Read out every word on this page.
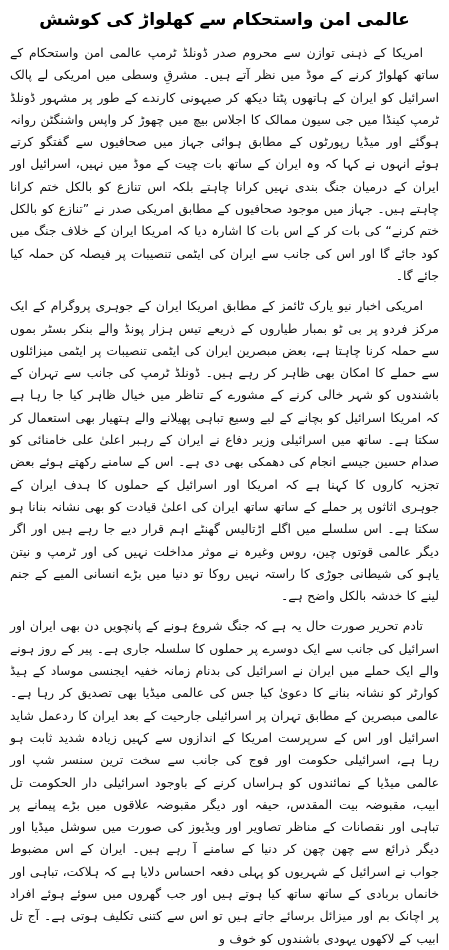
عالمی امن واستحکام سے کھلواڑ کی کوشش

امریکا کے ذہنی توازن سے محروم صدر ڈونلڈ ٹرمپ عالمی امن واستحکام کے ساتھ کھلواڑ کرنے کے موڈ میں نظر آتے ہیں۔ مشرقِ وسطی میں امریکی لے پالک اسرائیل کو ایران کے ہاتھوں پٹتا دیکھ کر صیہونی کارندے کے طور پر مشہور ڈونلڈ ٹرمپ کینڈا میں جی سیون ممالک کا اجلاس بیچ میں چھوڑ کر واپس واشنگٹن روانہ ہوگئے اور میڈیا رپورٹوں کے مطابق ہوائی جہاز میں صحافیوں سے گفتگو کرتے ہوئے انہوں نے کہا کہ وہ ایران کے ساتھ بات چیت کے موڈ میں نہیں، اسرائیل اور ایران کے درمیان جنگ بندی نہیں کرانا چاہتے بلکہ اس تنازع کو بالکل ختم کرانا چاہتے ہیں۔ جہاز میں موجود صحافیوں کے مطابق امریکی صدر نے ”تنازع کو بالکل ختم کرنے“ کی بات کر کے اس بات کا اشارہ دیا کہ امریکا ایران کے خلاف جنگ میں کود جائے گا اور اس کی جانب سے ایران کی ایٹمی تنصیبات پر فیصلہ کن حملہ کیا جائے گا۔

امریکی اخبار نیو یارک ٹائمز کے مطابق امریکا ایران کے جوہری پروگرام کے ایک مرکز فردو پر بی ٹو بمبار طیاروں کے ذریعے تیس ہزار پونڈ والے بنکر بسٹر بموں سے حملہ کرنا چاہتا ہے، بعض مبصرین ایران کی ایٹمی تنصیبات پر ایٹمی میزائلوں سے حملے کا امکان بھی ظاہر کر رہے ہیں۔ ڈونلڈ ٹرمپ کی جانب سے تہران کے باشندوں کو شہر خالی کرنے کے مشورے کے تناظر میں خیال ظاہر کیا جا رہا ہے کہ امریکا اسرائیل کو بچانے کے لیے وسیع تباہی پھیلانے والے ہتھیار بھی استعمال کر سکتا ہے۔ ساتھ میں اسرائیلی وزیر دفاع نے ایران کے رہبر اعلیٰ علی خامنائی کو صدام حسین جیسے انجام کی دھمکی بھی دی ہے۔ اس کے سامنے رکھتے ہوئے بعض تجزیہ کاروں کا کہنا ہے کہ امریکا اور اسرائیل کے حملوں کا ہدف ایران کے جوہری اثاثوں پر حملے کے ساتھ ساتھ ایران کی اعلیٰ قیادت کو بھی نشانہ بنانا ہو سکتا ہے۔ اس سلسلے میں اگلے اڑتالیس گھنٹے اہم قرار دیے جا رہے ہیں اور اگر دیگر عالمی قوتوں چین، روس وغیرہ نے موثر مداخلت نہیں کی اور ٹرمپ و نیتن یاہو کی شیطانی جوڑی کا راستہ نہیں روکا تو دنیا میں بڑے انسانی المیے کے جنم لینے کا خدشہ بالکل واضح ہے۔

تادم تحریر صورت حال یہ ہے کہ جنگ شروع ہونے کے پانچویں دن بھی ایران اور اسرائیل کی جانب سے ایک دوسرے پر حملوں کا سلسلہ جاری ہے۔ پیر کے روز ہونے والے ایک حملے میں ایران نے اسرائیل کی بدنام زمانہ خفیہ ایجنسی موساد کے ہیڈ کوارٹر کو نشانہ بنانے کا دعویٰ کیا جس کی عالمی میڈیا بھی تصدیق کر رہا ہے۔ عالمی مبصرین کے مطابق تہران پر اسرائیلی جارحیت کے بعد ایران کا ردعمل شاید اسرائیل اور اس کے سرپرست امریکا کے اندازوں سے کہیں زیادہ شدید ثابت ہو رہا ہے، اسرائیلی حکومت اور فوج کی جانب سے سخت ترین سنسر شپ اور عالمی میڈیا کے نمائندوں کو ہراساں کرنے کے باوجود اسرائیلی دار الحکومت تل ابیب، مقبوضہ بیت المقدس، حیفہ اور دیگر مقبوضہ علاقوں میں بڑے پیمانے پر تباہی اور نقصانات کے مناظر تصاویر اور ویڈیوز کی صورت میں سوشل میڈیا اور دیگر ذرائع سے چھن چھن کر دنیا کے سامنے آ رہے ہیں۔ ایران کے اس مضبوط جواب نے اسرائیل کے شہریوں کو پہلی دفعہ احساس دلایا ہے کہ ہلاکت، تباہی اور خانماں بربادی کے ساتھ ساتھ کیا ہوتے ہیں اور جب گھروں میں سوئے ہوئے افراد پر اچانک بم اور میزائل برسائے جاتے ہیں تو اس سے کتنی تکلیف ہوتی ہے۔ آج تل ابیب کے لاکھوں یہودی باشندوں کو خوف و
